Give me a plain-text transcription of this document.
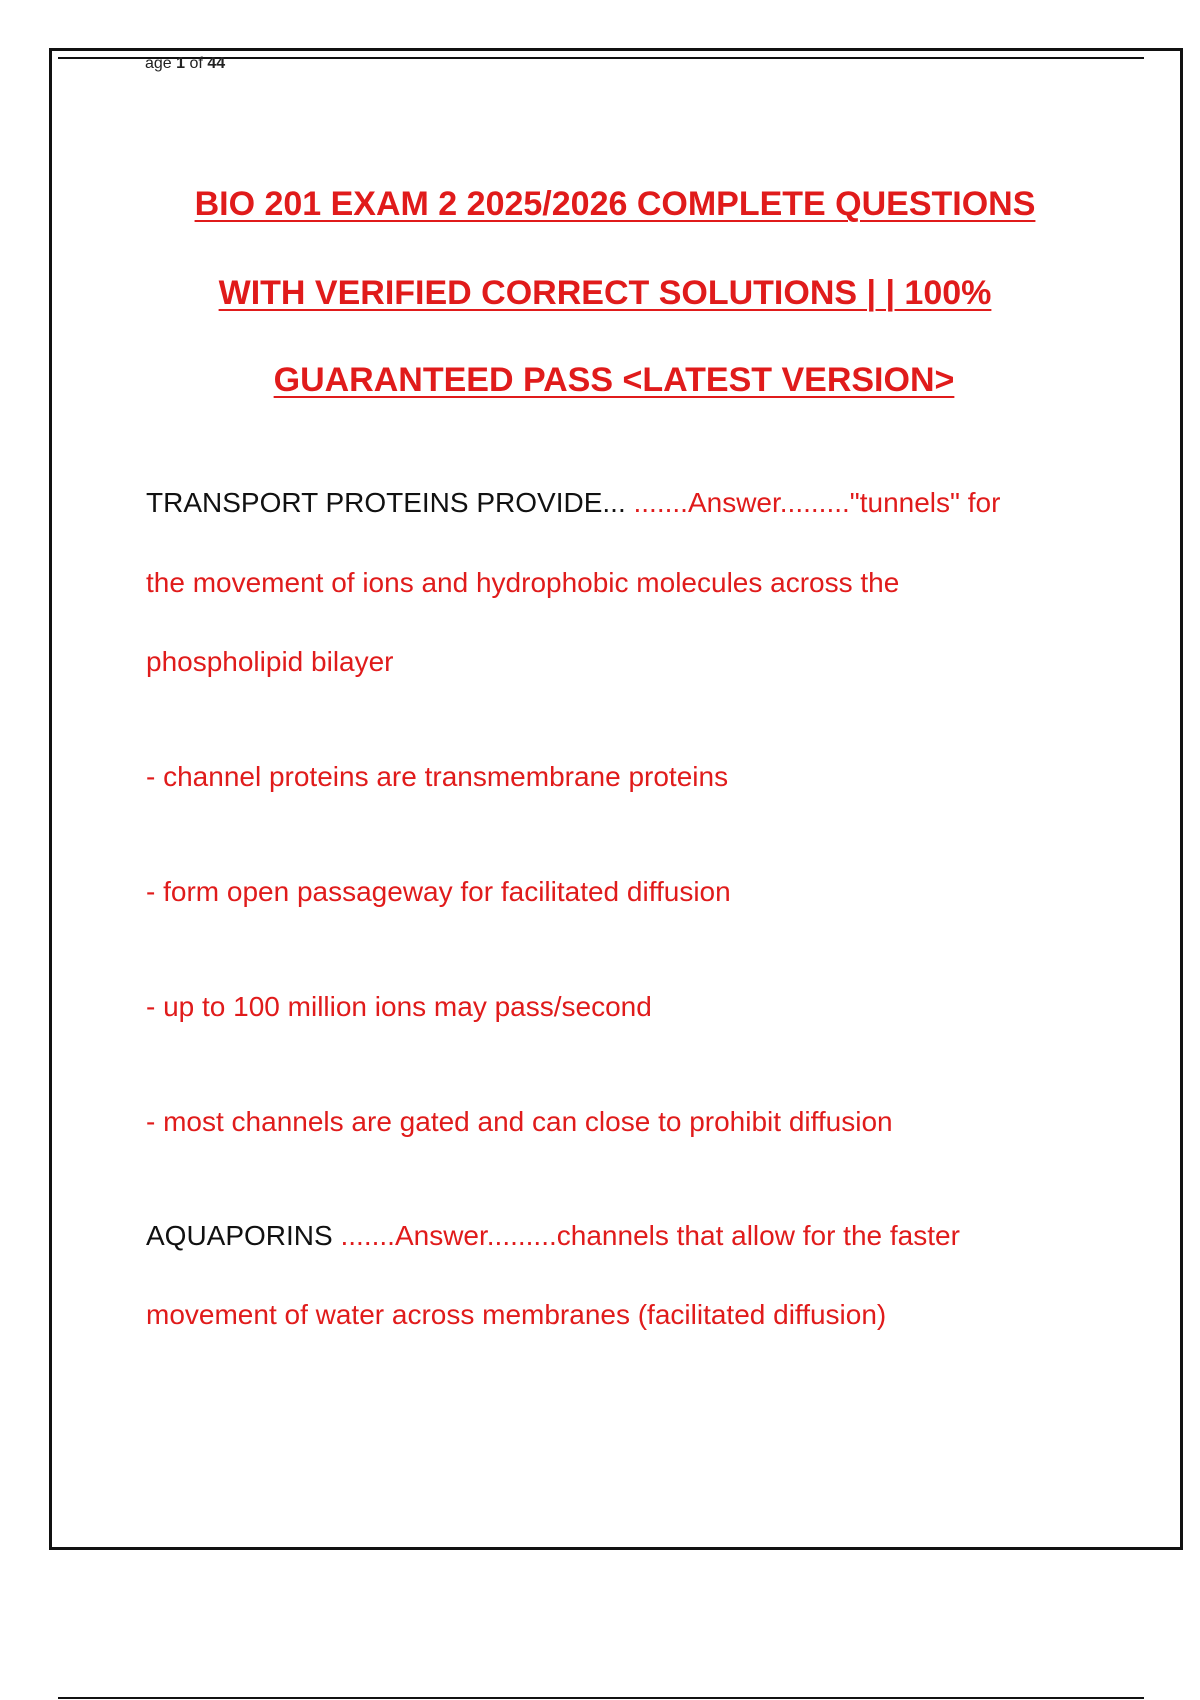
age 1 of 44
BIO 201 EXAM 2 2025/2026 COMPLETE QUESTIONS
WITH VERIFIED CORRECT SOLUTIONS | | 100%
GUARANTEED PASS <LATEST VERSION>
TRANSPORT PROTEINS PROVIDE... .......Answer........."tunnels" for
the movement of ions and hydrophobic molecules across the
phospholipid bilayer
- channel proteins are transmembrane proteins
- form open passageway for facilitated diffusion
- up to 100 million ions may pass/second
- most channels are gated and can close to prohibit diffusion
AQUAPORINS .......Answer.........channels that allow for the faster
movement of water across membranes (facilitated diffusion)
